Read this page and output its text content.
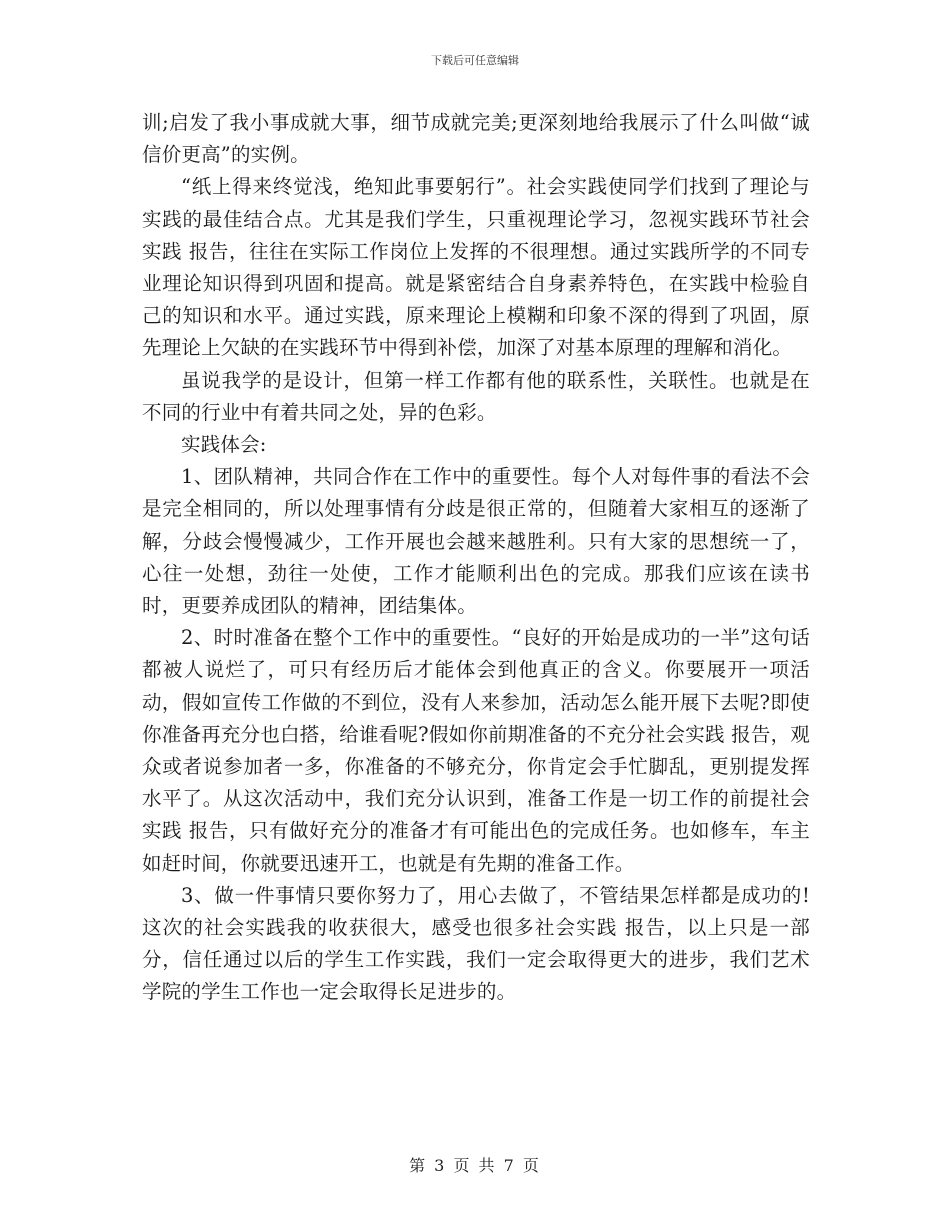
下载后可任意编辑

训;启发了我小事成就大事，细节成就完美;更深刻地给我展示了什么叫做“诚信价更高”的实例。

“纸上得来终觉浅，绝知此事要躬行”。社会实践使同学们找到了理论与实践的最佳结合点。尤其是我们学生，只重视理论学习，忽视实践环节社会实践 报告，往往在实际工作岗位上发挥的不很理想。通过实践所学的不同专业理论知识得到巩固和提高。就是紧密结合自身素养特色，在实践中检验自己的知识和水平。通过实践，原来理论上模糊和印象不深的得到了巩固，原先理论上欠缺的在实践环节中得到补偿，加深了对基本原理的理解和消化。

虽说我学的是设计，但第一样工作都有他的联系性，关联性。也就是在不同的行业中有着共同之处，异的色彩。

实践体会:

1、团队精神，共同合作在工作中的重要性。每个人对每件事的看法不会是完全相同的，所以处理事情有分歧是很正常的，但随着大家相互的逐渐了解，分歧会慢慢减少，工作开展也会越来越胜利。只有大家的思想统一了，心往一处想，劲往一处使，工作才能顺利出色的完成。那我们应该在读书时，更要养成团队的精神，团结集体。

2、时时准备在整个工作中的重要性。“良好的开始是成功的一半”这句话都被人说烂了，可只有经历后才能体会到他真正的含义。你要展开一项活动，假如宣传工作做的不到位，没有人来参加，活动怎么能开展下去呢?即使你准备再充分也白搭，给谁看呢?假如你前期准备的不充分社会实践 报告，观众或者说参加者一多，你准备的不够充分，你肯定会手忙脚乱，更别提发挥水平了。从这次活动中，我们充分认识到，准备工作是一切工作的前提社会实践 报告，只有做好充分的准备才有可能出色的完成任务。也如修车，车主如赶时间，你就要迅速开工，也就是有先期的准备工作。

3、做一件事情只要你努力了，用心去做了，不管结果怎样都是成功的!这次的社会实践我的收获很大，感受也很多社会实践 报告，以上只是一部分，信任通过以后的学生工作实践，我们一定会取得更大的进步，我们艺术学院的学生工作也一定会取得长足进步的。

第 3 页 共 7 页
